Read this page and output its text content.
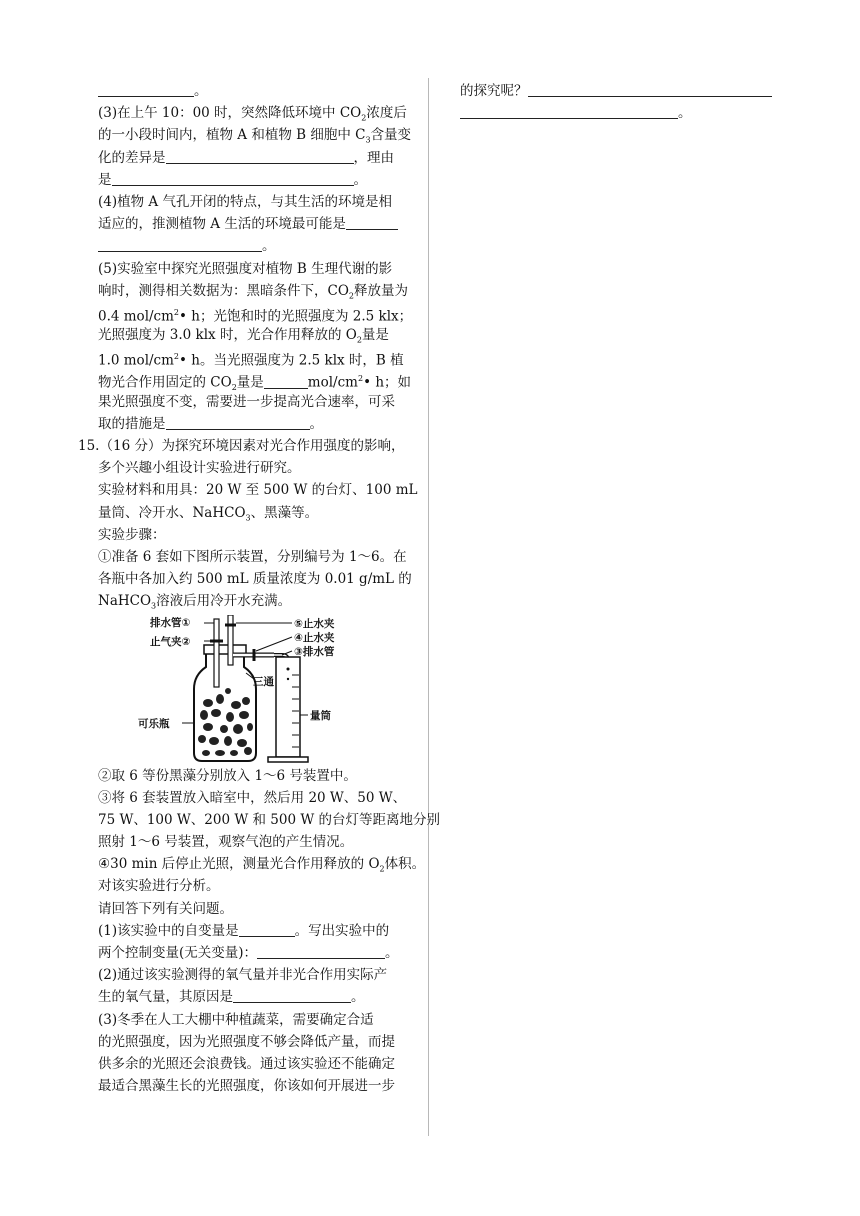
。
(3)在上午 10：00 时，突然降低环境中 $CO_2$浓度后
的一小段时间内，植物 A 和植物 B 细胞中 $C_3$含量变
化的差异是	，理由
是	。
(4)植物 A 气孔开闭的特点，与其生活的环境是相
适应的，推测植物 A 生活的环境最可能是
。
(5)实验室中探究光照强度对植物 B 生理代谢的影
响时，测得相关数据为：黑暗条件下，$CO_2$释放量为
0.4 mol/$cm^2•$ h；光饱和时的光照强度为 2.5 klx；
光照强度为 3.0 klx 时，光合作用释放的 $O_2$量是
1.0 mol/$cm^2•$ h。当光照强度为 2.5 klx 时，B 植
物光合作用固定的 $CO_2$量是	mol/$cm^2•$ h；如
果光照强度不变，需要进一步提高光合速率，可采
取的措施是	。
15.（16 分）为探究环境因素对光合作用强度的影响，
多个兴趣小组设计实验进行研究。
实验材料和用具：20 W 至 500 W 的台灯、100 mL
量筒、冷开水、NaHCO$_3$、黑藻等。
实验步骤：
①准备 6 套如下图所示装置，分别编号为 1～6。在
各瓶中各加入约 500 mL 质量浓度为 0.01 g/mL 的
NaHCO$_3$溶液后用冷开水充满。
排水管①
止气夹②
⑤止水夹
④止水夹
③排水管
三通
可乐瓶
量筒
②取 6 等份黑藻分别放入 1～6 号装置中。
③将 6 套装置放入暗室中，然后用 20 W、50 W、
75 W、100 W、200 W 和 500 W 的台灯等距离地分别
照射 1～6 号装置，观察气泡的产生情况。
④30 min 后停止光照，测量光合作用释放的 $O_2$体积。
对该实验进行分析。
请回答下列有关问题。
(1)该实验中的自变量是	。写出实验中的
两个控制变量(无关变量)：	。
(2)通过该实验测得的氧气量并非光合作用实际产
生的氧气量，其原因是	。
(3)冬季在人工大棚中种植蔬菜，需要确定合适
的光照强度，因为光照强度不够会降低产量，而提
供多余的光照还会浪费钱。通过该实验还不能确定
最适合黑藻生长的光照强度，你该如何开展进一步
的探究呢？
。
